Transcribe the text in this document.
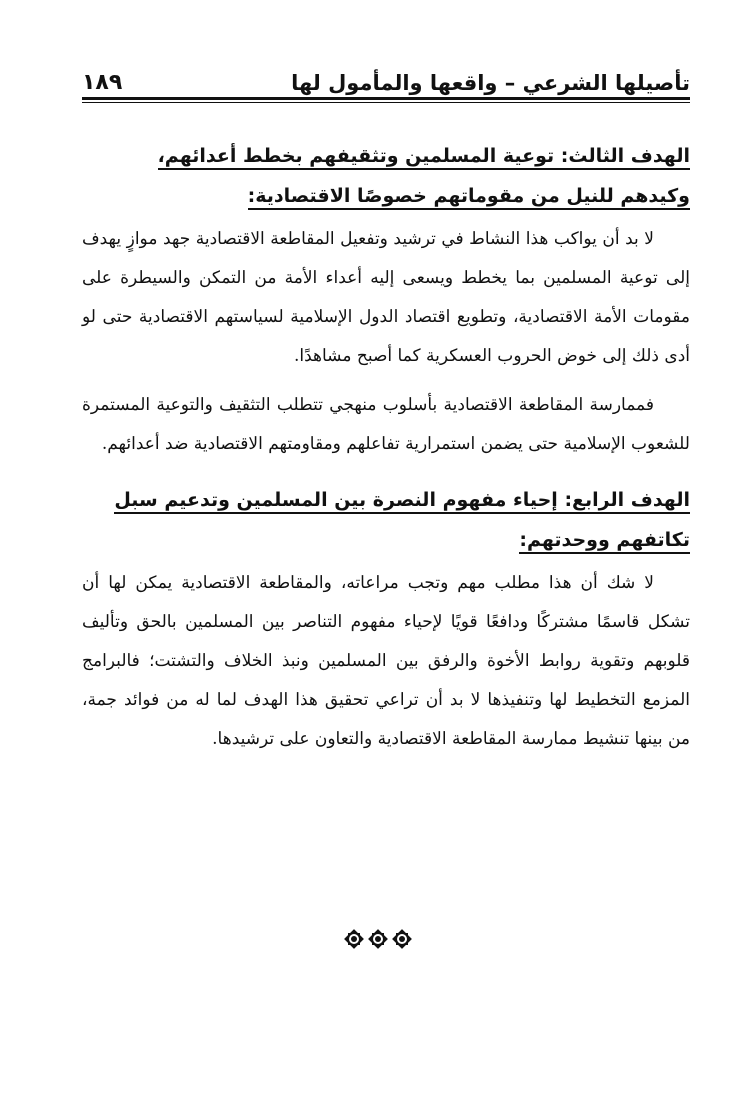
تأصيلها الشرعي – واقعها والمأمول لها
١٨٩
الهدف الثالث: توعية المسلمين وتثقيفهم بخطط أعدائهم، وكيدهم للنيل من مقوماتهم خصوصًا الاقتصادية:

لا بد أن يواكب هذا النشاط في ترشيد وتفعيل المقاطعة الاقتصادية جهد موازٍ يهدف إلى توعية المسلمين بما يخطط ويسعى إليه أعداء الأمة من التمكن والسيطرة على مقومات الأمة الاقتصادية، وتطويع اقتصاد الدول الإسلامية لسياستهم الاقتصادية حتى لو أدى ذلك إلى خوض الحروب العسكرية كما أصبح مشاهدًا.

فممارسة المقاطعة الاقتصادية بأسلوب منهجي تتطلب التثقيف والتوعية المستمرة للشعوب الإسلامية حتى يضمن استمرارية تفاعلهم ومقاومتهم الاقتصادية ضد أعدائهم.

الهدف الرابع: إحياء مفهوم النصرة بين المسلمين وتدعيم سبل تكاتفهم ووحدتهم:

لا شك أن هذا مطلب مهم وتجب مراعاته، والمقاطعة الاقتصادية يمكن لها أن تشكل قاسمًا مشتركًا ودافعًا قويًا لإحياء مفهوم التناصر بين المسلمين بالحق وتأليف قلوبهم وتقوية روابط الأخوة والرفق بين المسلمين ونبذ الخلاف والتشتت؛ فالبرامج المزمع التخطيط لها وتنفيذها لا بد أن تراعي تحقيق هذا الهدف لما له من فوائد جمة، من بينها تنشيط ممارسة المقاطعة الاقتصادية والتعاون على ترشيدها.
